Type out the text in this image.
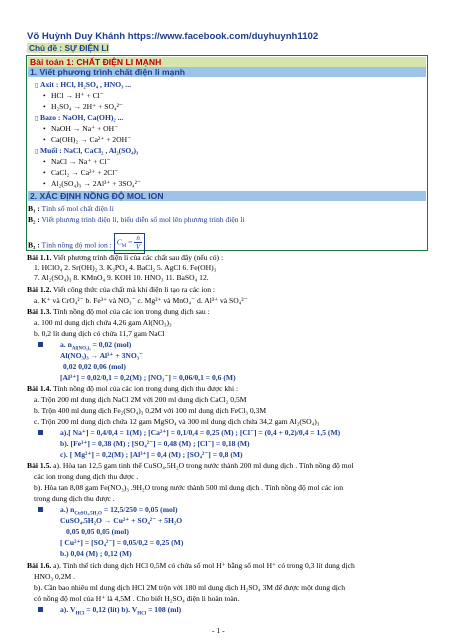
Võ Huỳnh Duy Khánh https://www.facebook.com/duyhuynh1102
Chủ đề : SỰ ĐIỆN LI
Bài toán 1: CHẤT ĐIỆN LI MẠNH
1. Viết phương trình chất điện li mạnh
▯ Axit : HCl, H₂SO₄ , HNO₃ ...
• HCl → H⁺ + Cl⁻
• H₂SO₄ → 2H⁺ + SO₄²⁻
▯ Bazo : NaOH, Ca(OH)₂ ...
• NaOH → Na⁺ + OH⁻
• Ca(OH)₂ → Ca²⁺ + 2OH⁻
▯ Muối : NaCl, CaCl₂ , Al₂(SO₄)₃
• NaCl → Na⁺ + Cl⁻
• CaCl₂ → Ca²⁺ + 2Cl⁻
• Al₂(SO₄)₃ → 2Al³⁺ + 3SO₄²⁻
2. XÁC ĐỊNH NỒNG ĐỘ MOL ION
B₁ : Tính số mol chất điện li
B₂ : Viết phương trình điện li, biểu diễn số mol lên phương trình điện li
B₃ : Tính nồng độ mol ion : $C_M = \frac{n}{V}$
Bài 1.1. Viết phương trình điện li của các chất sau đây (nếu có) :
1. HClO₄ 2. Sr(OH)₂ 3. K₃PO₄ 4. BaCl₂ 5. AgCl 6. Fe(OH)₃
7. Al₂(SO₄)₃ 8. KMnO₄ 9. KOH 10. HNO₃ 11. BaSO₄ 12.
Bài 1.2. Viết công thức của chất mà khi điện li tạo ra các ion :
a. K⁺ và CrO₄²⁻ b. Fe³⁺ và NO₃⁻ c. Mg²⁺ và MnO₄⁻ d. Al³⁺ và SO₄²⁻
Bài 1.3. Tính nồng độ mol của các ion trong dung dịch sau :
a. 100 ml dung dịch chứa 4,26 gam Al(NO₃)₃
b. 0,2 lít dung dịch có chứa 11,7 gam NaCl
a. $n_{Al(NO_3)_3} = 0,02$ (mol)
Al(NO₃)₃ → Al³⁺ + 3NO₃⁻
0,02 0,02 0,06 (mol)
[Al³⁺] = 0,02/0,1 = 0,2(M) ; [NO₃⁻] = 0,06/0,1 = 0,6 (M)
Bài 1.4. Tính nồng độ mol của các ion trong dung dịch thu được khi :
a. Trộn 200 ml dung dịch NaCl 2M với 200 ml dung dịch CaCl₂ 0,5M
b. Trộn 400 ml dung dịch Fe₂(SO₄)₃ 0,2M với 100 ml dung dịch FeCl₃ 0,3M
c. Trộn 200 ml dung dịch chứa 12 gam MgSO₄ và 300 ml dung dịch chứa 34,2 gam Al₂(SO₄)₃
a).[ Na⁺] = 0,4/0,4 = 1(M) ; [Ca²⁺] = 0,1/0,4 = 0,25 (M) ; [Cl⁻] = (0,4 + 0,2)/0,4 = 1,5 (M)
b). [Fe³⁺] = 0,38 (M) ; [SO₄²⁻] = 0,48 (M) ; [Cl⁻] = 0,18 (M)
c). [ Mg²⁺] = 0,2(M) ; [Al³⁺] = 0,4 (M) ; [SO₄²⁻] = 0,8 (M)
Bài 1.5. a). Hòa tan 12,5 gam tinh thể CuSO₄.5H₂O trong nước thành 200 ml dung dịch . Tính nồng độ mol
các ion trong dung dịch thu được .
b). Hòa tan 8,08 gam Fe(NO₃)₃ .9H₂O trong nước thành 500 ml dung dịch . Tính nồng độ mol các ion
trong dung dịch thu được .
a.) $n_{CuSO_4.5H_2O} = 12,5/250 = 0,05$ (mol)
CuSO₄.5H₂O → Cu²⁺ + SO₄²⁻ + 5H₂O
0,05 0,05 0,05 (mol)
[ Cu²⁺] = [SO₄²⁻] = 0,05/0,2 = 0,25 (M)
b.) 0,04 (M) ; 0,12 (M)
Bài 1.6. a). Tính thể tích dung dịch HCl 0,5M có chứa số mol H⁺ bằng số mol H⁺ có trong 0,3 lít dung dịch
HNO₃ 0,2M .
b). Cần bao nhiêu ml dung dịch HCl 2M trộn với 180 ml dung dịch H₂SO₄ 3M để được một dung dịch
có nồng độ mol của H⁺ là 4,5M . Cho biết H₂SO₄ điện li hoàn toàn.
a). $V_{HCl} = 0,12$ (lít) b). $V_{HCl} = 108$ (ml)
- 1 -
